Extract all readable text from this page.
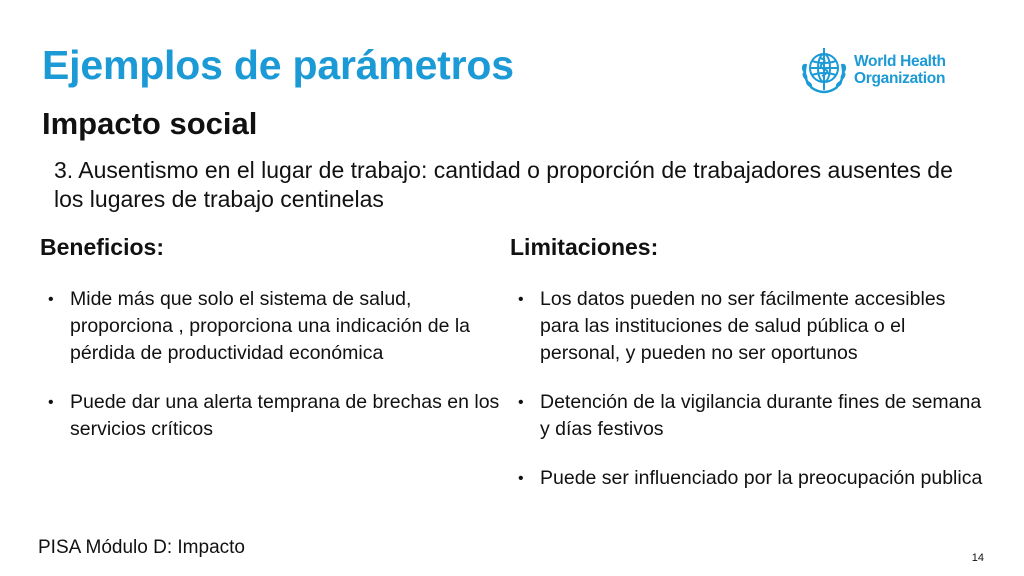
Ejemplos de parámetros	World Health
Organization
Impacto social
3. Ausentismo en el lugar de trabajo: cantidad o proporción de trabajadores ausentes de los lugares de trabajo centinelas
Beneficios:	Limitaciones:
• Mide más que solo el sistema de salud, proporciona , proporciona una indicación de la pérdida de productividad económica
• Puede dar una alerta temprana de brechas en los servicios críticos
• Los datos pueden no ser fácilmente accesibles para las instituciones de salud pública o el personal, y pueden no ser oportunos
• Detención de la vigilancia durante fines de semana y días festivos
• Puede ser influenciado por la preocupación publica
PISA Módulo D: Impacto	14
